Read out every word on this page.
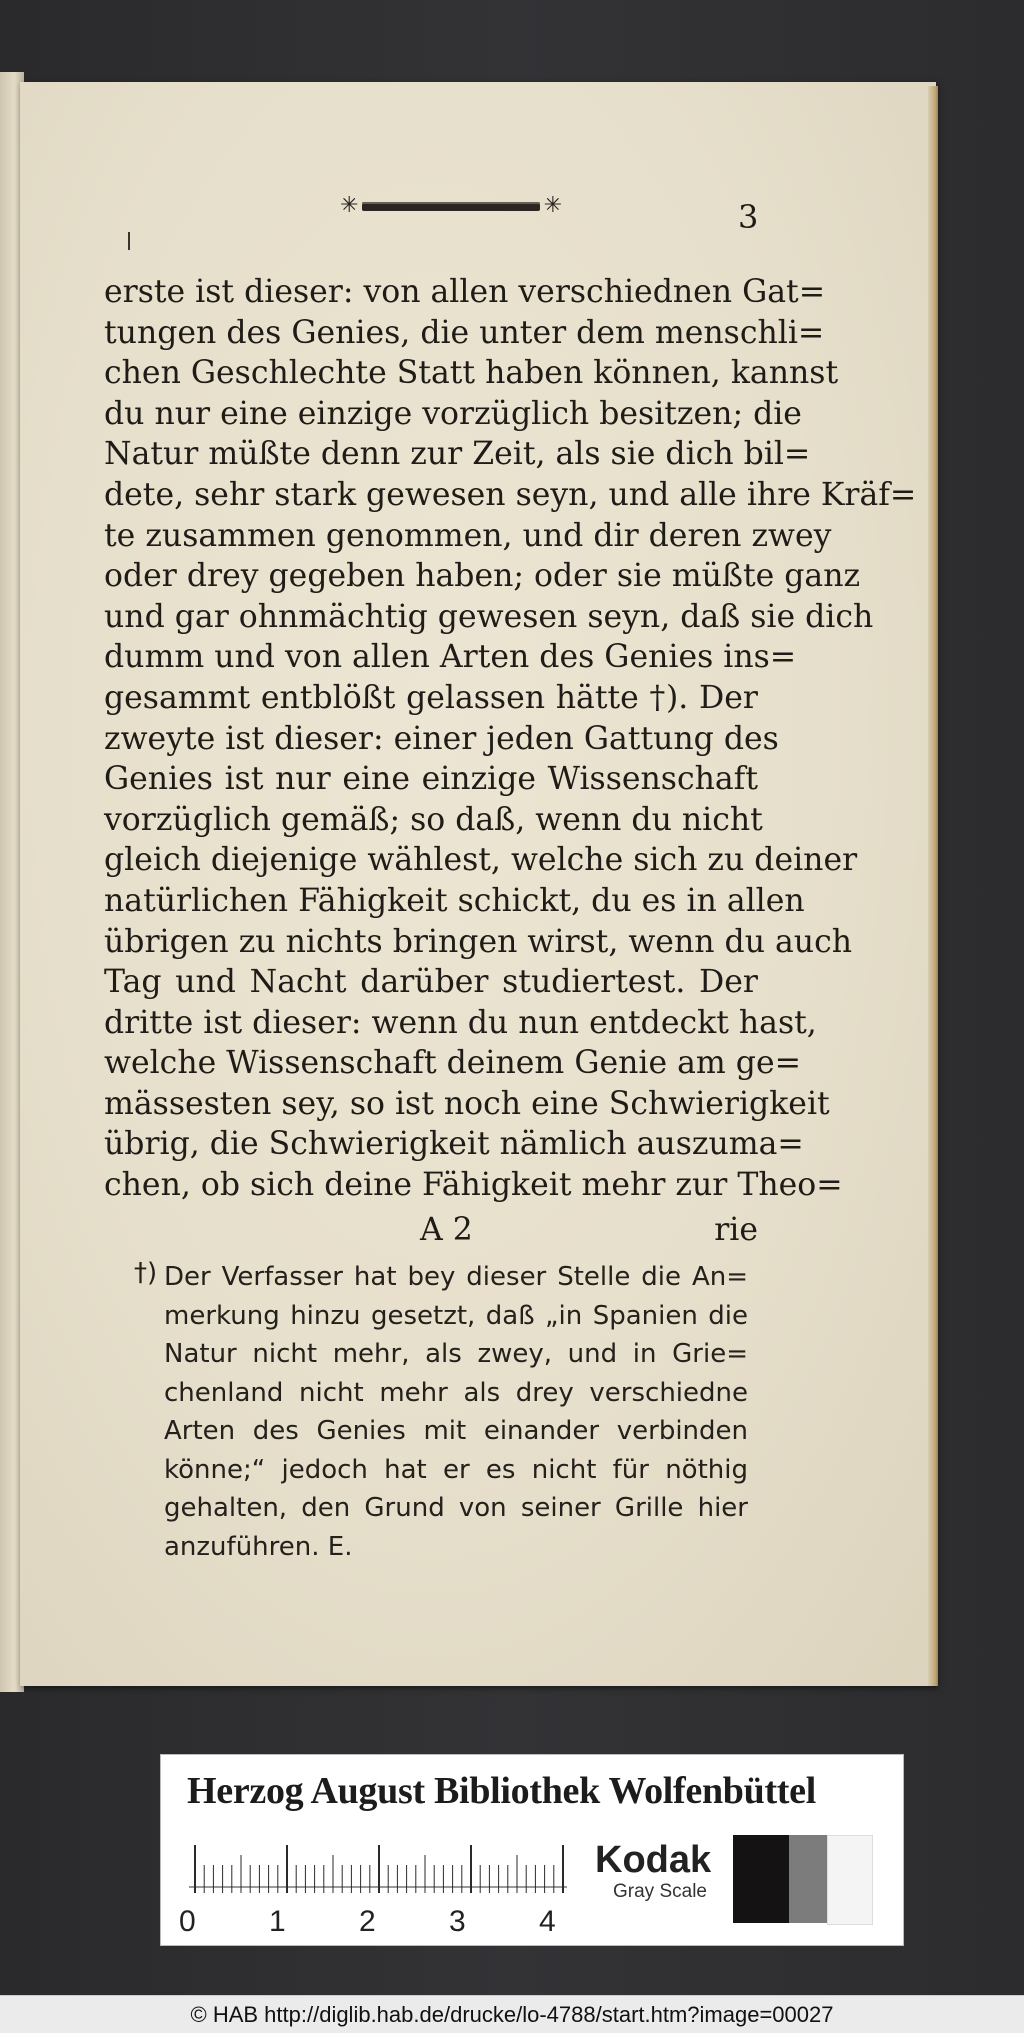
✳	✳	3
erste ist dieser: von allen verschiednen Gat=
tungen des Genies, die unter dem menschli=
chen Geschlechte Statt haben können, kannst
du nur eine einzige vorzüglich besitzen; die
Natur müßte denn zur Zeit, als sie dich bil=
dete, sehr stark gewesen seyn, und alle ihre Kräf=
te zusammen genommen, und dir deren zwey
oder drey gegeben haben; oder sie müßte ganz
und gar ohnmächtig gewesen seyn, daß sie dich
dumm und von allen Arten des Genies ins=
gesammt entblößt gelassen hätte †). Der
zweyte ist dieser: einer jeden Gattung des
Genies ist nur eine einzige Wissenschaft
vorzüglich gemäß; so daß, wenn du nicht
gleich diejenige wählest, welche sich zu deiner
natürlichen Fähigkeit schickt, du es in allen
übrigen zu nichts bringen wirst, wenn du auch
Tag und Nacht darüber studiertest. Der
dritte ist dieser: wenn du nun entdeckt hast,
welche Wissenschaft deinem Genie am ge=
mässesten sey, so ist noch eine Schwierigkeit
übrig, die Schwierigkeit nämlich auszuma=
chen, ob sich deine Fähigkeit mehr zur Theo=
A 2	rie
†) Der Verfasser hat bey dieser Stelle die An=
merkung hinzu gesetzt, daß „in Spanien die
Natur nicht mehr, als zwey, und in Grie=
chenland nicht mehr als drey verschiedne
Arten des Genies mit einander verbinden
könne;“ jedoch hat er es nicht für nöthig
gehalten, den Grund von seiner Grille hier
anzuführen. E.
Herzog August Bibliothek Wolfenbüttel
0 1 2 3 4
Kodak
Gray Scale
© HAB http://diglib.hab.de/drucke/lo-4788/start.htm?image=00027
